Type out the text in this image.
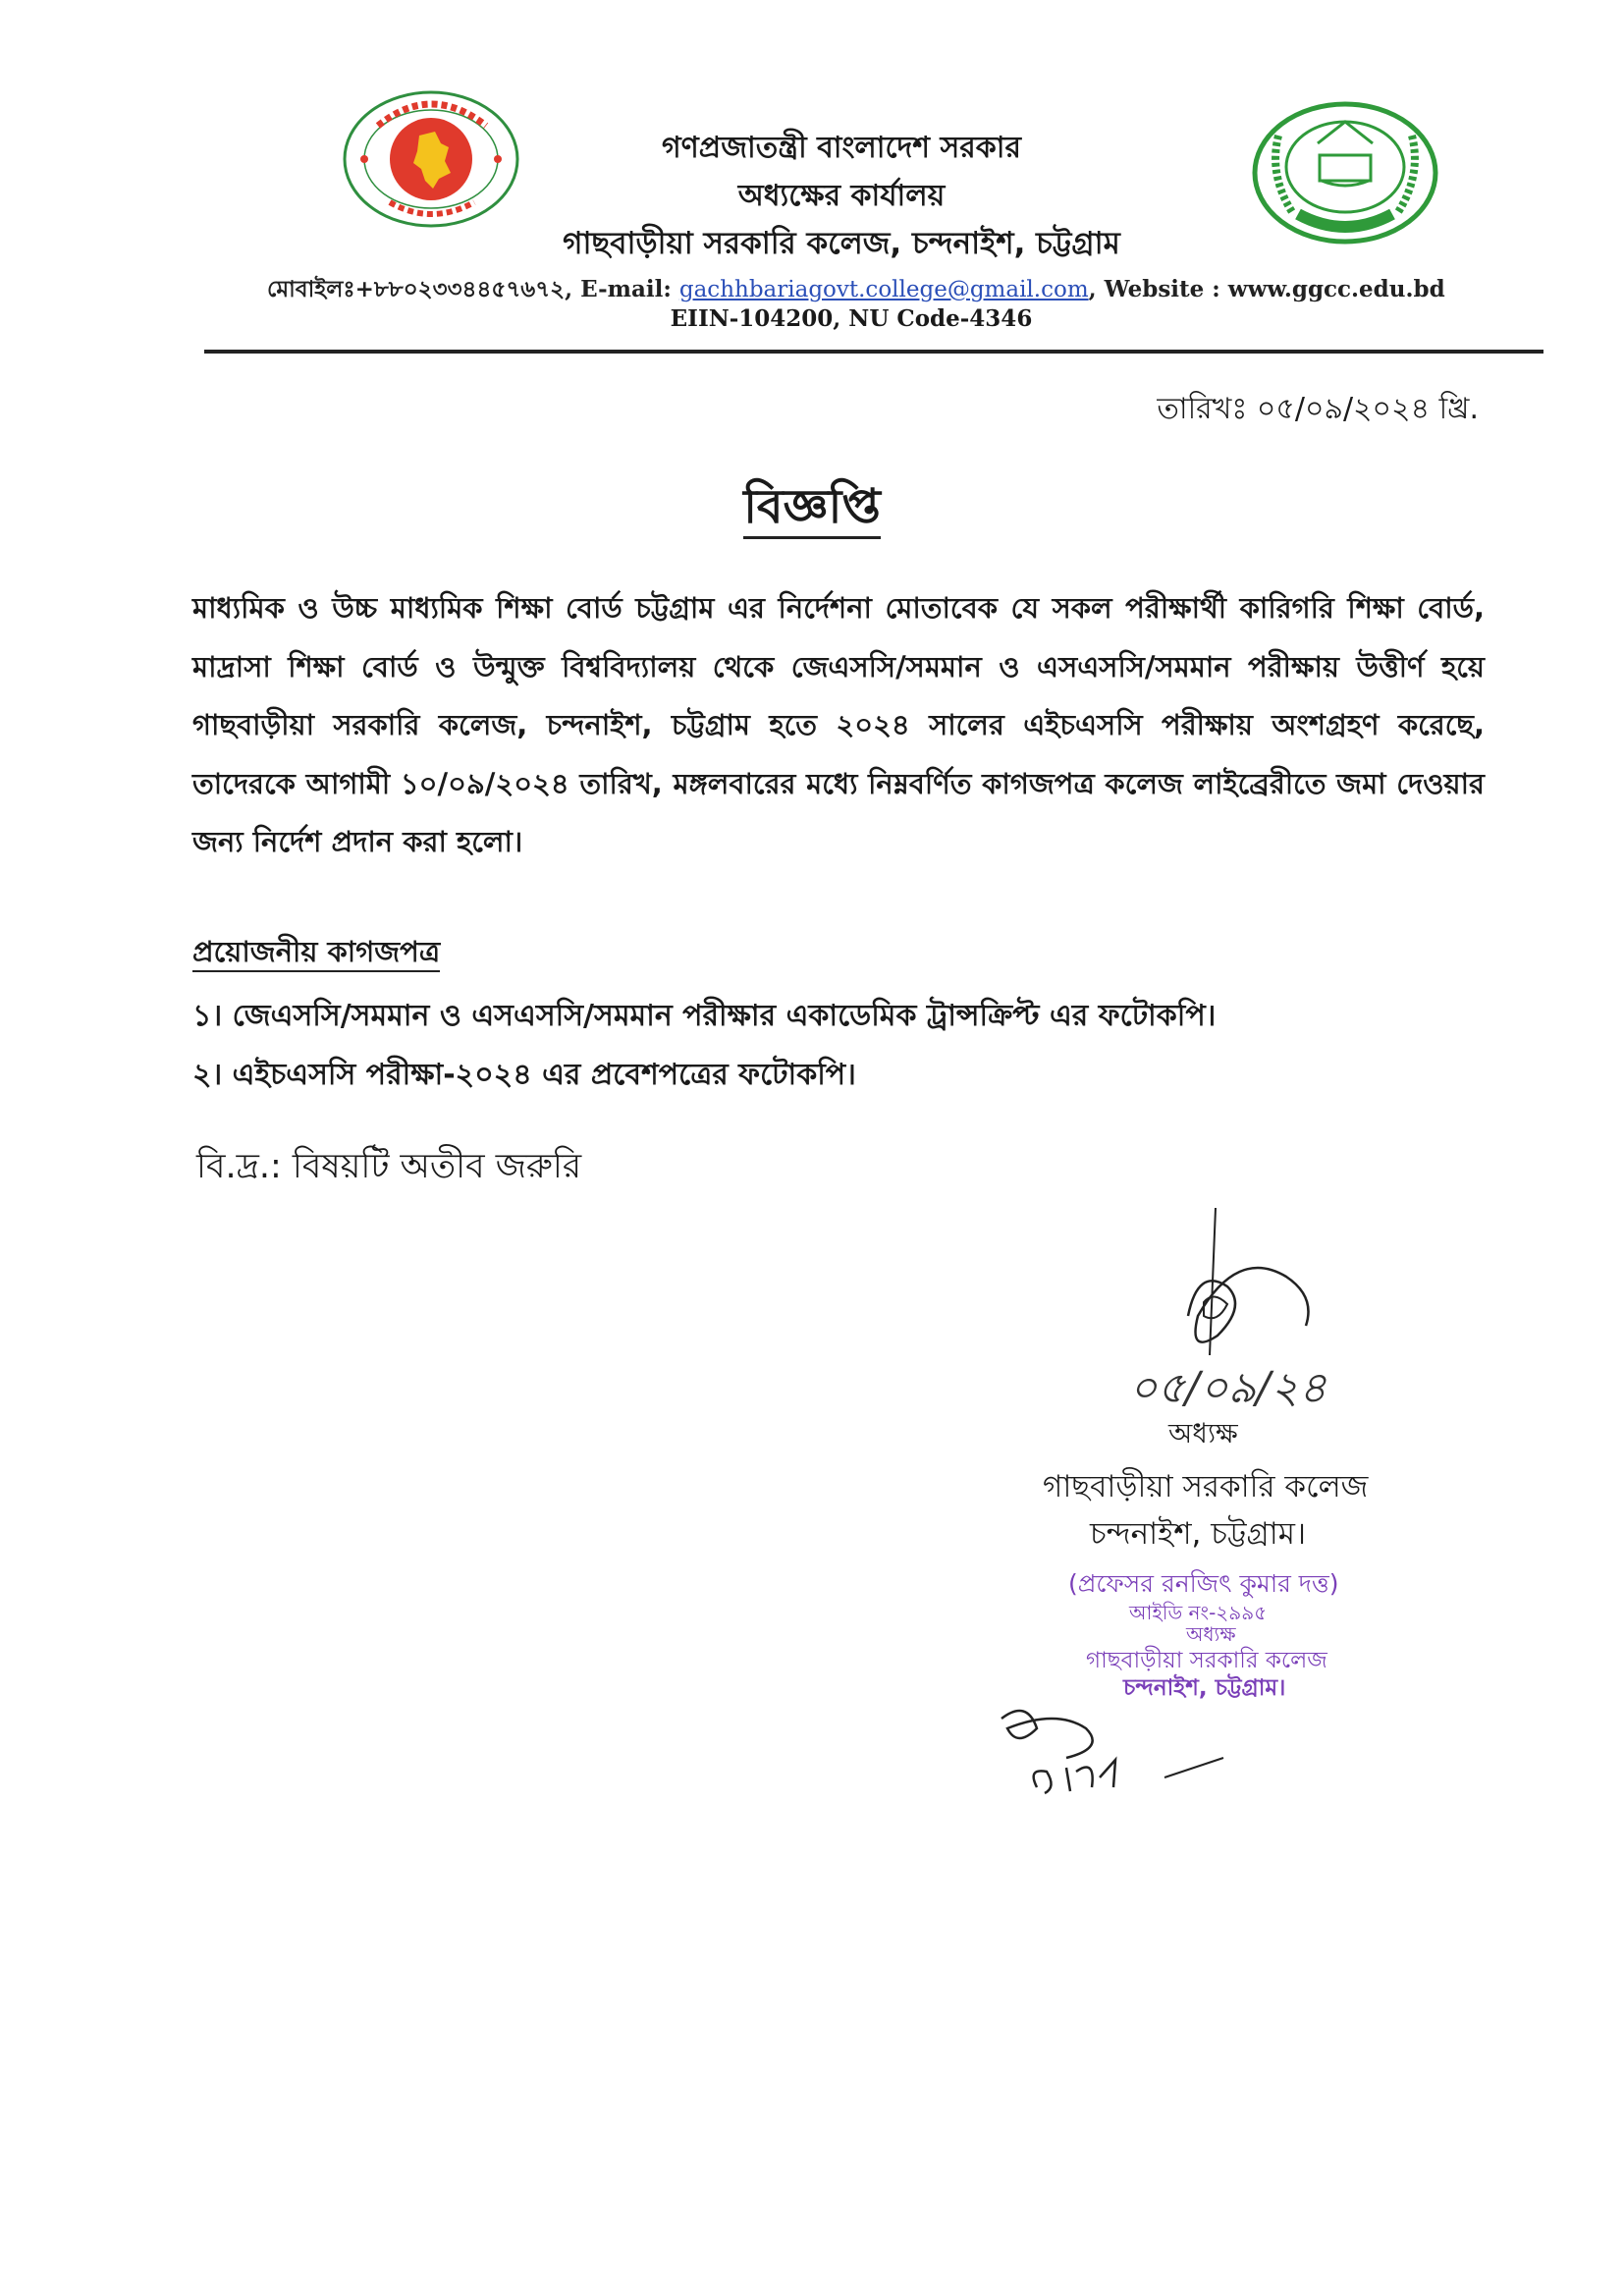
গণপ্রজাতন্ত্রী বাংলাদেশ সরকার
অধ্যক্ষের কার্যালয়
গাছবাড়ীয়া সরকারি কলেজ, চন্দনাইশ, চট্টগ্রাম
মোবাইলঃ+৮৮০২৩৩৪৪৫৭৬৭২, E-mail: gachhbariagovt.college@gmail.com, Website : www.ggcc.edu.bd
EIIN-104200, NU Code-4346
তারিখঃ ০৫/০৯/২০২৪ খ্রি.
বিজ্ঞপ্তি
মাধ্যমিক ও উচ্চ মাধ্যমিক শিক্ষা বোর্ড চট্টগ্রাম এর নির্দেশনা মোতাবেক যে সকল পরীক্ষার্থী কারিগরি শিক্ষা বোর্ড, মাদ্রাসা শিক্ষা বোর্ড ও উন্মুক্ত বিশ্ববিদ্যালয় থেকে জেএসসি/সমমান ও এসএসসি/সমমান পরীক্ষায় উত্তীর্ণ হয়ে গাছবাড়ীয়া সরকারি কলেজ, চন্দনাইশ, চট্টগ্রাম হতে ২০২৪ সালের এইচএসসি পরীক্ষায় অংশগ্রহণ করেছে, তাদেরকে আগামী ১০/০৯/২০২৪ তারিখ, মঙ্গলবারের মধ্যে নিম্নবর্ণিত কাগজপত্র কলেজ লাইব্রেরীতে জমা দেওয়ার জন্য নির্দেশ প্রদান করা হলো।
প্রয়োজনীয় কাগজপত্র
১। জেএসসি/সমমান ও এসএসসি/সমমান পরীক্ষার একাডেমিক ট্রান্সক্রিপ্ট এর ফটোকপি।
২। এইচএসসি পরীক্ষা-২০২৪ এর প্রবেশপত্রের ফটোকপি।
বি.দ্র.: বিষয়টি অতীব জরুরি
০৫/০৯/২৪
অধ্যক্ষ
গাছবাড়ীয়া সরকারি কলেজ
চন্দনাইশ, চট্টগ্রাম।
(প্রফেসর রনজিৎ কুমার দত্ত)
আইডি নং-২৯৯৫
অধ্যক্ষ
গাছবাড়ীয়া সরকারি কলেজ
চন্দনাইশ, চট্টগ্রাম।
